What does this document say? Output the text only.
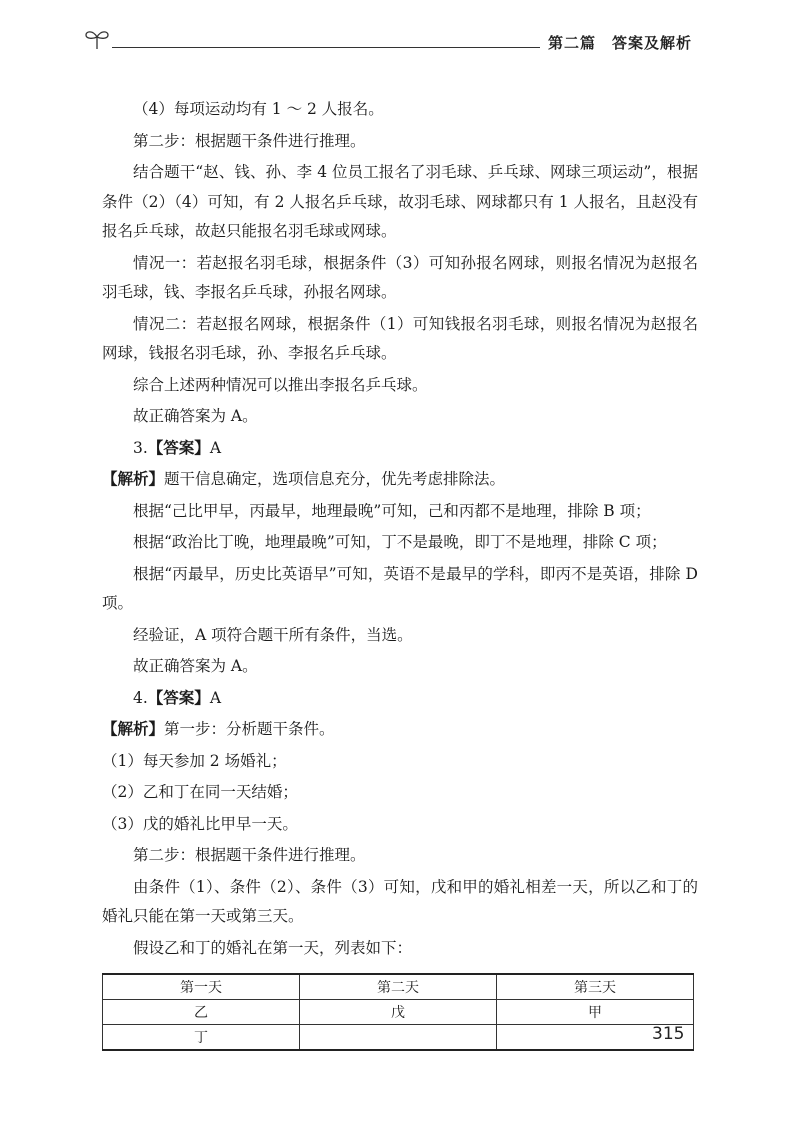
第二篇　答案及解析
（4）每项运动均有 1 ～ 2 人报名。
第二步：根据题干条件进行推理。
结合题干“赵、钱、孙、李 4 位员工报名了羽毛球、乒乓球、网球三项运动”，根据条件（2）（4）可知，有 2 人报名乒乓球，故羽毛球、网球都只有 1 人报名，且赵没有报名乒乓球，故赵只能报名羽毛球或网球。
情况一：若赵报名羽毛球，根据条件（3）可知孙报名网球，则报名情况为赵报名羽毛球，钱、李报名乒乓球，孙报名网球。
情况二：若赵报名网球，根据条件（1）可知钱报名羽毛球，则报名情况为赵报名网球，钱报名羽毛球，孙、李报名乒乓球。
综合上述两种情况可以推出李报名乒乓球。
故正确答案为 A。
3.【答案】A
【解析】题干信息确定，选项信息充分，优先考虑排除法。
根据“己比甲早，丙最早，地理最晚”可知，己和丙都不是地理，排除 B 项；
根据“政治比丁晚，地理最晚”可知，丁不是最晚，即丁不是地理，排除 C 项；
根据“丙最早，历史比英语早”可知，英语不是最早的学科，即丙不是英语，排除 D 项。
经验证，A 项符合题干所有条件，当选。
故正确答案为 A。
4.【答案】A
【解析】第一步：分析题干条件。
（1）每天参加 2 场婚礼；
（2）乙和丁在同一天结婚；
（3）戊的婚礼比甲早一天。
第二步：根据题干条件进行推理。
由条件（1）、条件（2）、条件（3）可知，戊和甲的婚礼相差一天，所以乙和丁的婚礼只能在第一天或第三天。
假设乙和丁的婚礼在第一天，列表如下：
第一天	第二天	第三天
乙	戊	甲
丁			315
